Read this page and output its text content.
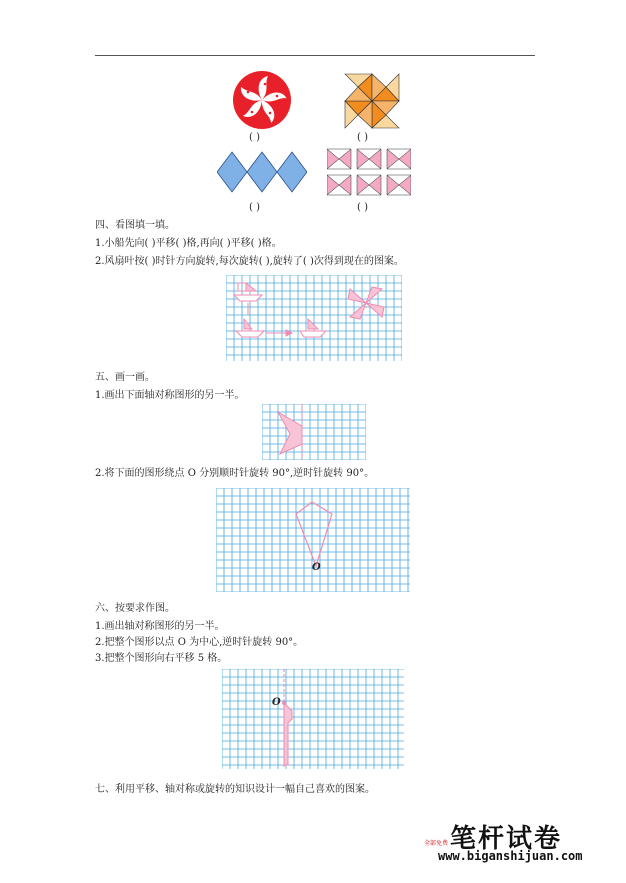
( )	( )
( )	( )
四、看图填一填。
1.小船先向( )平移( )格,再向( )平移( )格。
2.风扇叶按( )时针方向旋转,每次旋转( ),旋转了( )次得到现在的图案。
五、画一画。
1.画出下面轴对称图形的另一半。
2.将下面的图形绕点 O 分别顺时针旋转 90°,逆时针旋转 90°。
O
六、按要求作图。
1.画出轴对称图形的另一半。
2.把整个图形以点 O 为中心,逆时针旋转 90°。
3.把整个图形向右平移 5 格。
O
七、利用平移、轴对称或旋转的知识设计一幅自己喜欢的图案。
笔杆试卷
全部免费
www.biganshijuan.com
